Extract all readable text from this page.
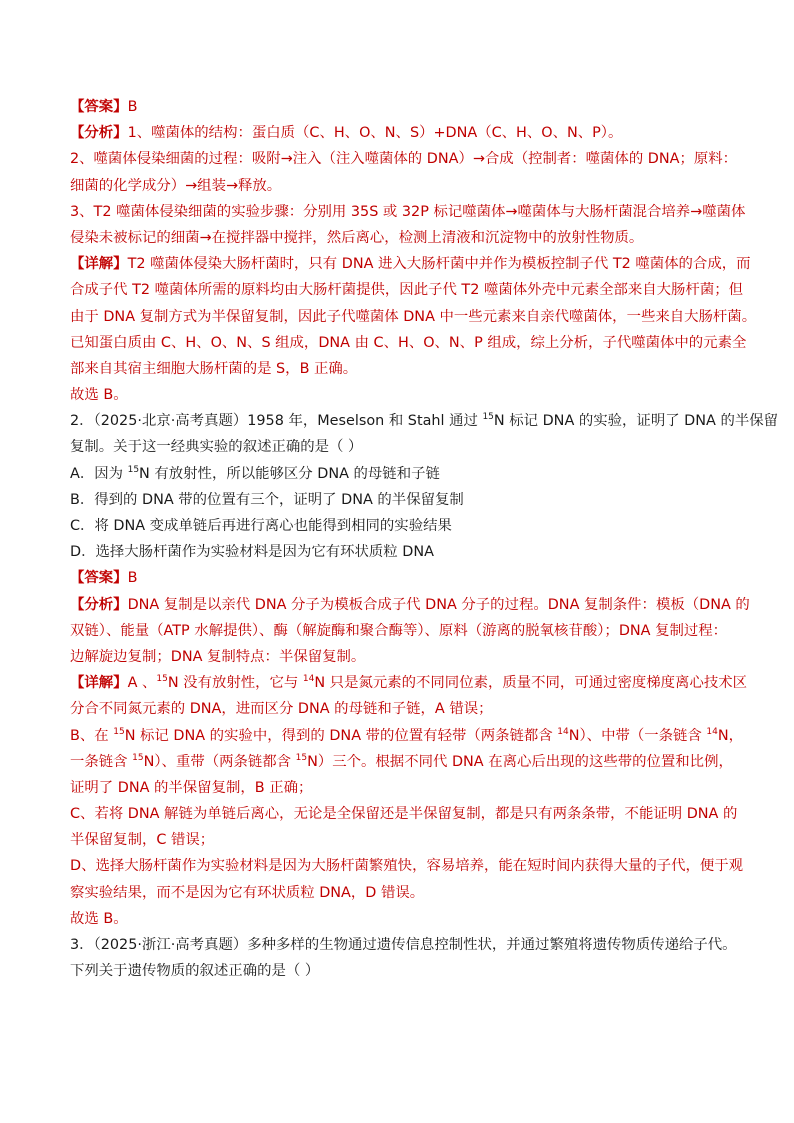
【答案】B
【分析】1、噬菌体的结构：蛋白质（C、H、O、N、S）+DNA（C、H、O、N、P）。
2、噬菌体侵染细菌的过程：吸附→注入（注入噬菌体的 DNA）→合成（控制者：噬菌体的 DNA；原料：
细菌的化学成分）→组装→释放。
3、T2 噬菌体侵染细菌的实验步骤：分别用 35S 或 32P 标记噬菌体→噬菌体与大肠杆菌混合培养→噬菌体
侵染未被标记的细菌→在搅拌器中搅拌，然后离心，检测上清液和沉淀物中的放射性物质。
【详解】T2 噬菌体侵染大肠杆菌时，只有 DNA 进入大肠杆菌中并作为模板控制子代 T2 噬菌体的合成，而
合成子代 T2 噬菌体所需的原料均由大肠杆菌提供，因此子代 T2 噬菌体外壳中元素全部来自大肠杆菌；但
由于 DNA 复制方式为半保留复制，因此子代噬菌体 DNA 中一些元素来自亲代噬菌体，一些来自大肠杆菌。
已知蛋白质由 C、H、O、N、S 组成，DNA 由 C、H、O、N、P 组成，综上分析，子代噬菌体中的元素全
部来自其宿主细胞大肠杆菌的是 S，B 正确。
故选 B。
2．（2025·北京·高考真题）1958 年，Meselson 和 Stahl 通过 $^{15}$N 标记 DNA 的实验，证明了 DNA 的半保留
复制。关于这一经典实验的叙述正确的是（ ）
A．因为 $^{15}$N 有放射性，所以能够区分 DNA 的母链和子链
B．得到的 DNA 带的位置有三个，证明了 DNA 的半保留复制
C．将 DNA 变成单链后再进行离心也能得到相同的实验结果
D．选择大肠杆菌作为实验材料是因为它有环状质粒 DNA
【答案】B
【分析】DNA 复制是以亲代 DNA 分子为模板合成子代 DNA 分子的过程。DNA 复制条件：模板（DNA 的
双链）、能量（ATP 水解提供）、酶（解旋酶和聚合酶等）、原料（游离的脱氧核苷酸）；DNA 复制过程：
边解旋边复制；DNA 复制特点：半保留复制。
【详解】A 、$^{15}$N 没有放射性，它与 $^{14}$N 只是氮元素的不同同位素，质量不同，可通过密度梯度离心技术区
分合不同氮元素的 DNA，进而区分 DNA 的母链和子链，A 错误；
B、在 $^{15}$N 标记 DNA 的实验中，得到的 DNA 带的位置有轻带（两条链都含 $^{14}$N）、中带（一条链含 $^{14}$N，
一条链含 $^{15}$N）、重带（两条链都含 $^{15}$N）三个。根据不同代 DNA 在离心后出现的这些带的位置和比例，
证明了 DNA 的半保留复制，B 正确；
C、若将 DNA 解链为单链后离心，无论是全保留还是半保留复制，都是只有两条条带，不能证明 DNA 的
半保留复制，C 错误；
D、选择大肠杆菌作为实验材料是因为大肠杆菌繁殖快，容易培养，能在短时间内获得大量的子代，便于观
察实验结果，而不是因为它有环状质粒 DNA，D 错误。
故选 B。
3．（2025·浙江·高考真题）多种多样的生物通过遗传信息控制性状，并通过繁殖将遗传物质传递给子代。
下列关于遗传物质的叙述正确的是（ ）
